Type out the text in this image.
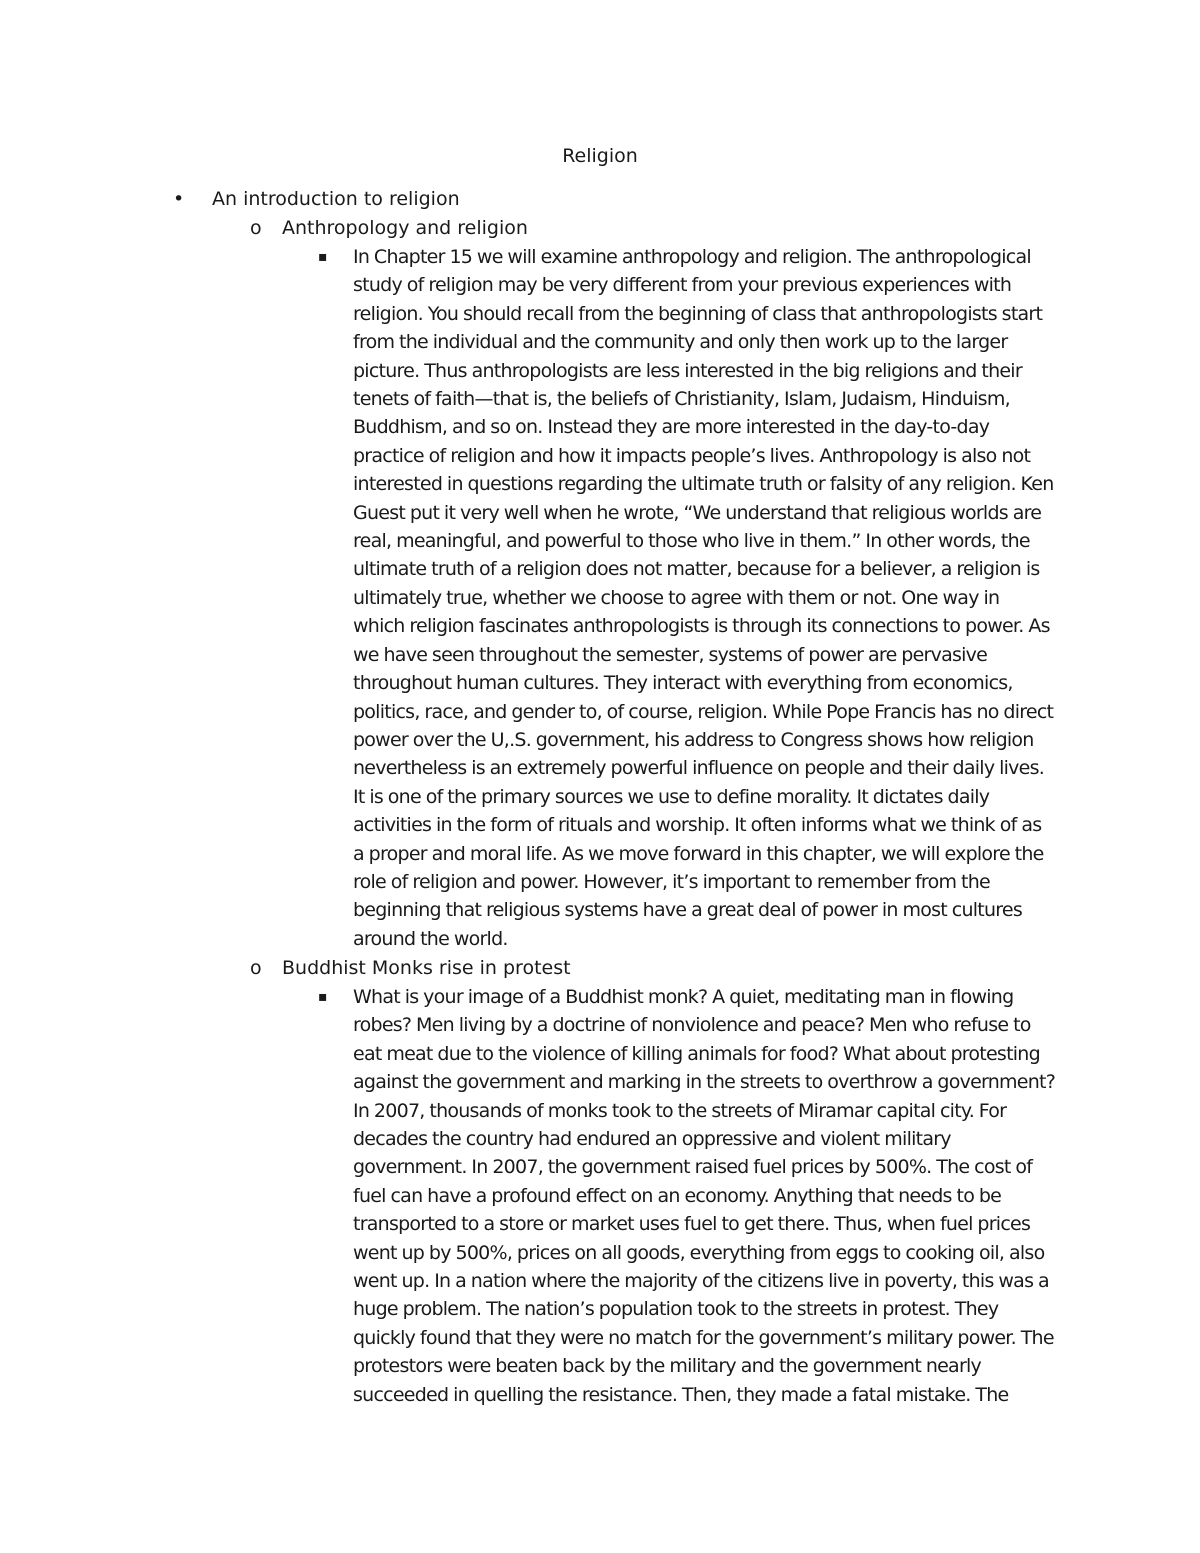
Religion
• An introduction to religion
o Anthropology and religion
▪ In Chapter 15 we will examine anthropology and religion. The anthropological
study of religion may be very different from your previous experiences with
religion. You should recall from the beginning of class that anthropologists start
from the individual and the community and only then work up to the larger
picture. Thus anthropologists are less interested in the big religions and their
tenets of faith—that is, the beliefs of Christianity, Islam, Judaism, Hinduism,
Buddhism, and so on. Instead they are more interested in the day-to-day
practice of religion and how it impacts people’s lives. Anthropology is also not
interested in questions regarding the ultimate truth or falsity of any religion. Ken
Guest put it very well when he wrote, “We understand that religious worlds are
real, meaningful, and powerful to those who live in them.” In other words, the
ultimate truth of a religion does not matter, because for a believer, a religion is
ultimately true, whether we choose to agree with them or not. One way in
which religion fascinates anthropologists is through its connections to power. As
we have seen throughout the semester, systems of power are pervasive
throughout human cultures. They interact with everything from economics,
politics, race, and gender to, of course, religion. While Pope Francis has no direct
power over the U,.S. government, his address to Congress shows how religion
nevertheless is an extremely powerful influence on people and their daily lives.
It is one of the primary sources we use to define morality. It dictates daily
activities in the form of rituals and worship. It often informs what we think of as
a proper and moral life. As we move forward in this chapter, we will explore the
role of religion and power. However, it’s important to remember from the
beginning that religious systems have a great deal of power in most cultures
around the world.
o Buddhist Monks rise in protest
▪ What is your image of a Buddhist monk? A quiet, meditating man in flowing
robes? Men living by a doctrine of nonviolence and peace? Men who refuse to
eat meat due to the violence of killing animals for food? What about protesting
against the government and marking in the streets to overthrow a government?
In 2007, thousands of monks took to the streets of Miramar capital city. For
decades the country had endured an oppressive and violent military
government. In 2007, the government raised fuel prices by 500%. The cost of
fuel can have a profound effect on an economy. Anything that needs to be
transported to a store or market uses fuel to get there. Thus, when fuel prices
went up by 500%, prices on all goods, everything from eggs to cooking oil, also
went up. In a nation where the majority of the citizens live in poverty, this was a
huge problem. The nation’s population took to the streets in protest. They
quickly found that they were no match for the government’s military power. The
protestors were beaten back by the military and the government nearly
succeeded in quelling the resistance. Then, they made a fatal mistake. The
